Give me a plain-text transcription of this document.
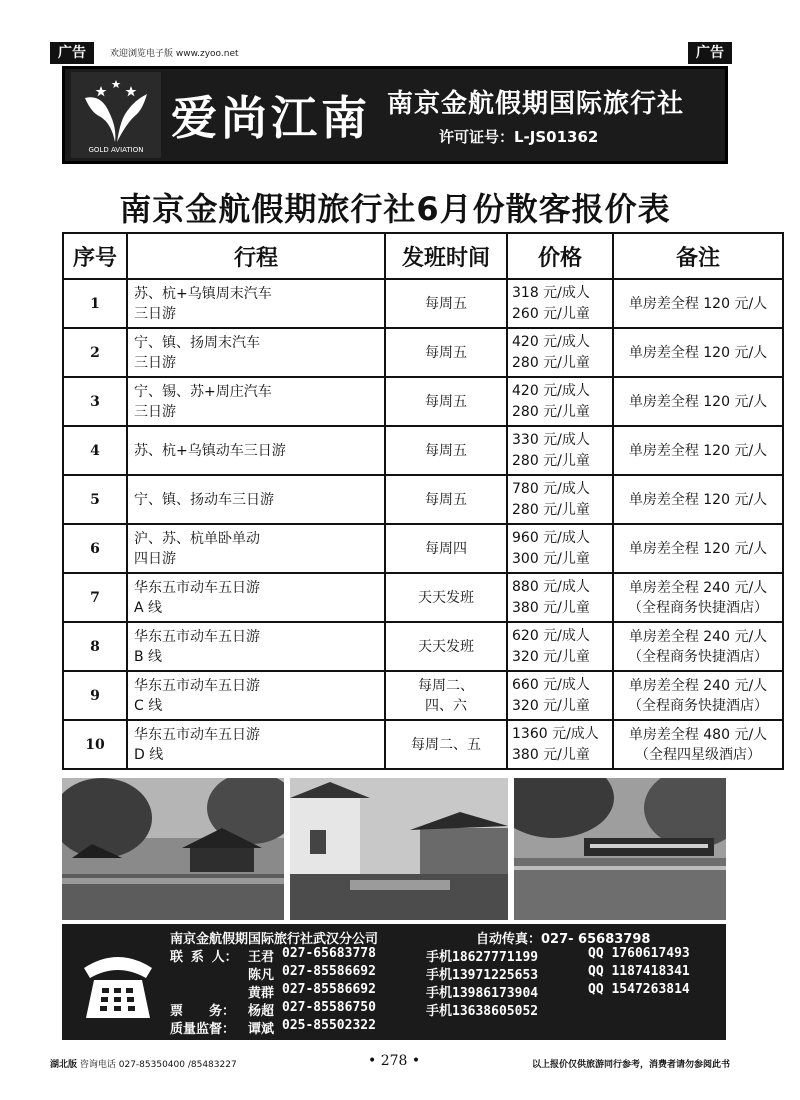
广告	欢迎浏览电子版 www.zyoo.net	广告
GOLD AVIATION
爱尚江南 南京金航假期国际旅行社
许可证号：L-JS01362
南京金航假期旅行社6月份散客报价表
序号	行程	发班时间	价格	备注
1	苏、杭+乌镇周末汽车
三日游	每周五	318 元/成人
260 元/儿童	单房差全程 120 元/人

2	宁、镇、扬周末汽车
三日游	每周五	420 元/成人
280 元/儿童	单房差全程 120 元/人

3	宁、锡、苏+周庄汽车
三日游	每周五	420 元/成人
280 元/儿童	单房差全程 120 元/人

4	苏、杭+乌镇动车三日游	每周五	330 元/成人
280 元/儿童	单房差全程 120 元/人

5	宁、镇、扬动车三日游	每周五	780 元/成人
280 元/儿童	单房差全程 120 元/人

6	沪、苏、杭单卧单动
四日游	每周四	960 元/成人
300 元/儿童	单房差全程 120 元/人

7	华东五市动车五日游
A 线	天天发班	880 元/成人
380 元/儿童	单房差全程 240 元/人
（全程商务快捷酒店）

8	华东五市动车五日游
B 线	天天发班	620 元/成人
320 元/儿童	单房差全程 240 元/人
（全程商务快捷酒店）

9	华东五市动车五日游
C 线	每周二、
四、六	660 元/成人
320 元/儿童	单房差全程 240 元/人
（全程商务快捷酒店）

10	华东五市动车五日游
D 线	每周二、五	1360 元/成人
380 元/儿童	单房差全程 480 元/人
（全程四星级酒店）
南京金航假期国际旅行社武汉分公司	自动传真：027- 65683798
联 系 人： 王君 027-65683778	手机18627771199	QQ 1760617493
陈凡 027-85586692	手机13971225653	QQ 1187418341
黄群 027-85586692	手机13986173904	QQ 1547263814
票　　务： 杨超 027-85586750	手机13638605052
质量监督： 谭斌 025-85502322
湖北版 咨询电话 027-85350400 /85483227	• 278 •	以上报价仅供旅游同行参考，消费者请勿参阅此书
